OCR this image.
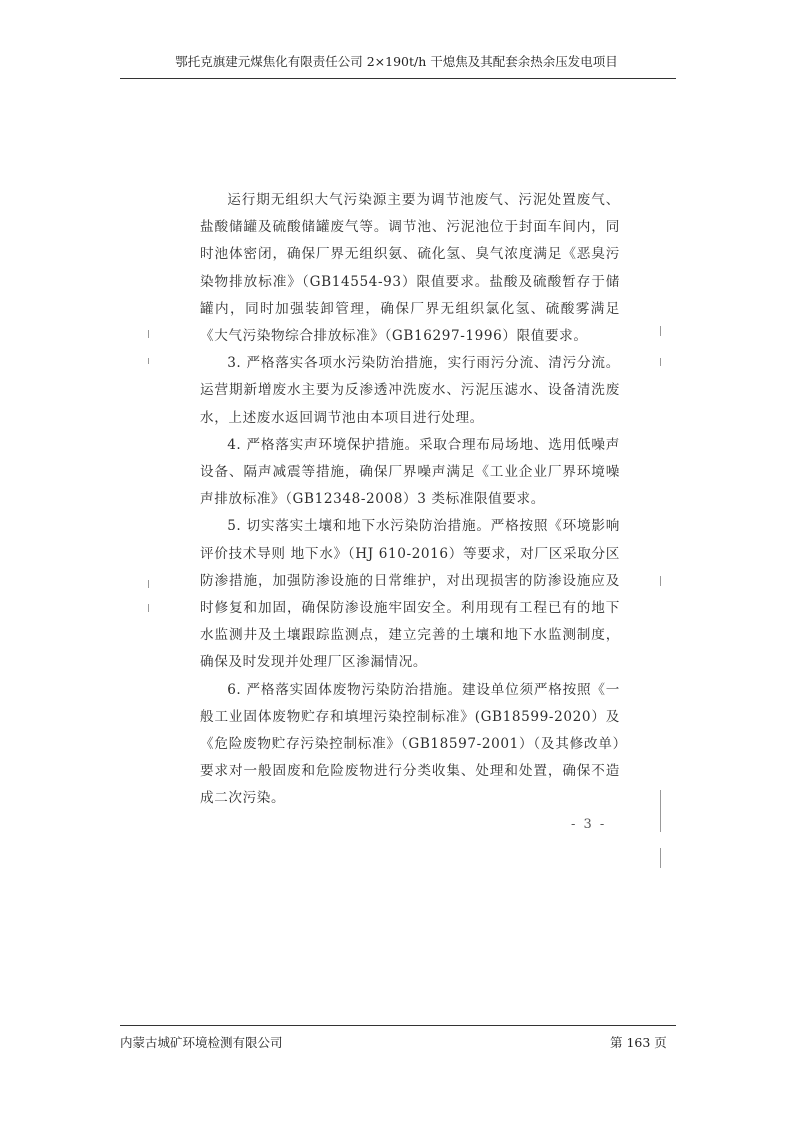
鄂托克旗建元煤焦化有限责任公司 2×190t/h 干熄焦及其配套余热余压发电项目

运行期无组织大气污染源主要为调节池废气、污泥处置废气、盐酸储罐及硫酸储罐废气等。调节池、污泥池位于封面车间内，同时池体密闭，确保厂界无组织氨、硫化氢、臭气浓度满足《恶臭污染物排放标准》（GB14554-93）限值要求。盐酸及硫酸暂存于储罐内，同时加强装卸管理，确保厂界无组织氯化氢、硫酸雾满足《大气污染物综合排放标准》（GB16297-1996）限值要求。

3. 严格落实各项水污染防治措施，实行雨污分流、清污分流。运营期新增废水主要为反渗透冲洗废水、污泥压滤水、设备清洗废水，上述废水返回调节池由本项目进行处理。

4. 严格落实声环境保护措施。采取合理布局场地、选用低噪声设备、隔声减震等措施，确保厂界噪声满足《工业企业厂界环境噪声排放标准》（GB12348-2008）3 类标准限值要求。

5. 切实落实土壤和地下水污染防治措施。严格按照《环境影响评价技术导则 地下水》（HJ 610-2016）等要求，对厂区采取分区防渗措施，加强防渗设施的日常维护，对出现损害的防渗设施应及时修复和加固，确保防渗设施牢固安全。利用现有工程已有的地下水监测井及土壤跟踪监测点，建立完善的土壤和地下水监测制度，确保及时发现并处理厂区渗漏情况。

6. 严格落实固体废物污染防治措施。建设单位须严格按照《一般工业固体废物贮存和填埋污染控制标准》(GB18599-2020）及《危险废物贮存污染控制标准》（GB18597-2001）（及其修改单）要求对一般固废和危险废物进行分类收集、处理和处置，确保不造成二次污染。

- 3 -
内蒙古城矿环境检测有限公司	第 163 页
